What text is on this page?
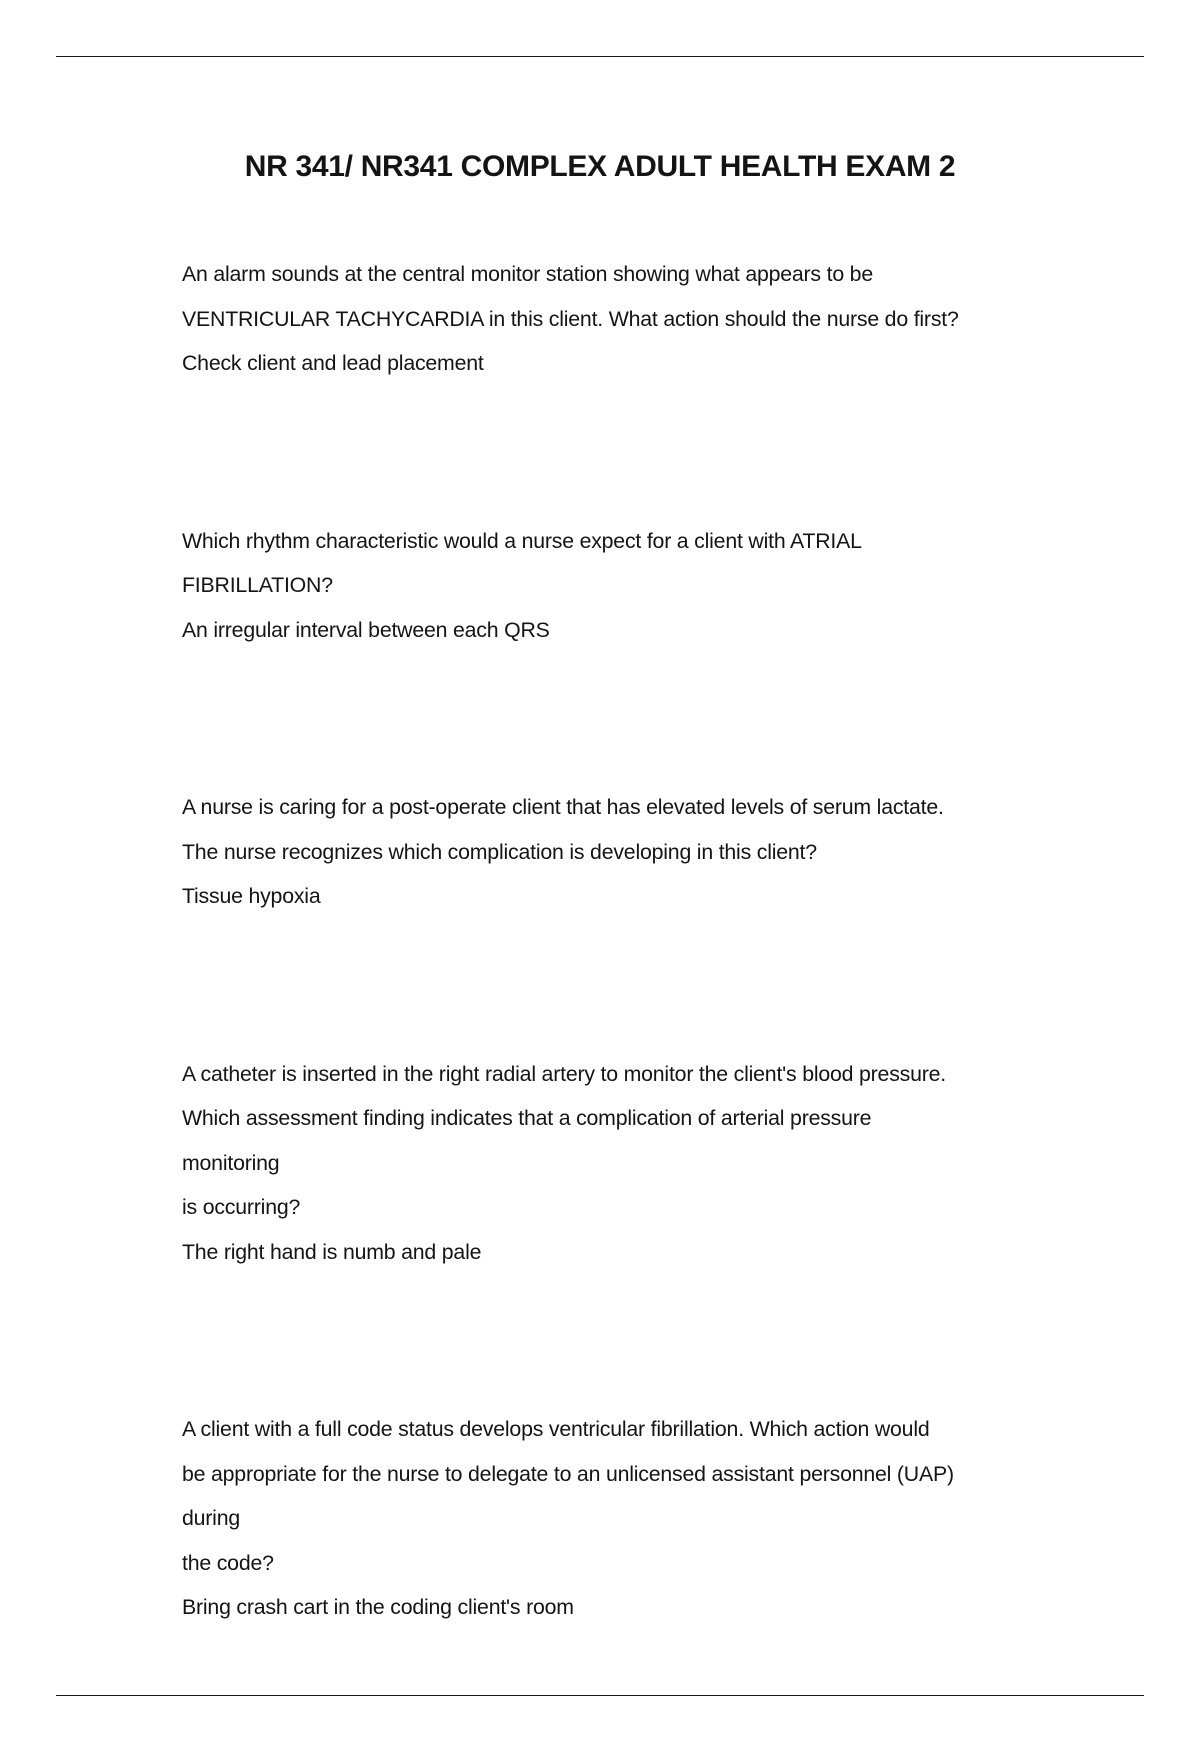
NR 341/ NR341 COMPLEX ADULT HEALTH EXAM 2
An alarm sounds at the central monitor station showing what appears to be
VENTRICULAR TACHYCARDIA in this client. What action should the nurse do first?
Check client and lead placement
Which rhythm characteristic would a nurse expect for a client with ATRIAL
FIBRILLATION?
An irregular interval between each QRS
A nurse is caring for a post-operate client that has elevated levels of serum lactate.
The nurse recognizes which complication is developing in this client?
Tissue hypoxia
A catheter is inserted in the right radial artery to monitor the client's blood pressure.
Which assessment finding indicates that a complication of arterial pressure
monitoring
is occurring?
The right hand is numb and pale
A client with a full code status develops ventricular fibrillation. Which action would
be appropriate for the nurse to delegate to an unlicensed assistant personnel (UAP)
during
the code?
Bring crash cart in the coding client's room
